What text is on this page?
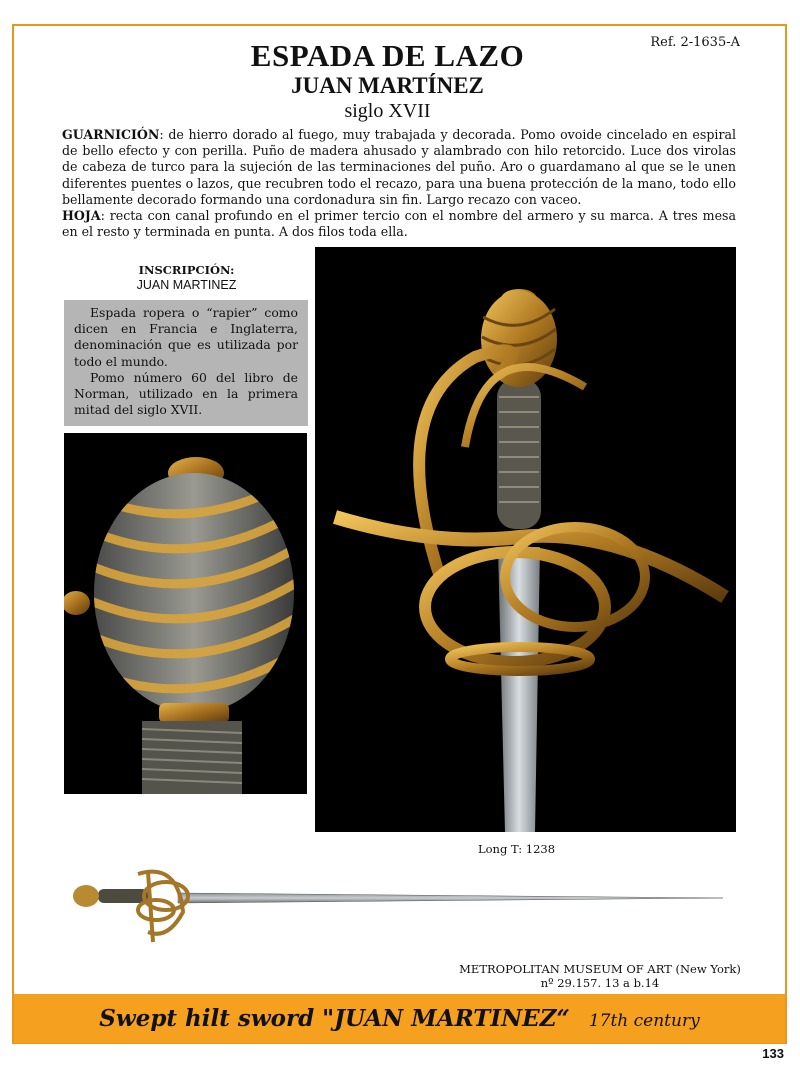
Ref. 2-1635-A
ESPADA DE LAZO
JUAN MARTÍNEZ
siglo XVII

GUARNICIÓN: de hierro dorado al fuego, muy trabajada y decorada. Pomo ovoide cincelado en espiral de bello efecto y con perilla. Puño de madera ahusado y alambrado con hilo retorcido. Luce dos virolas de cabeza de turco para la sujeción de las terminaciones del puño. Aro o guardamano al que se le unen diferentes puentes o lazos, que recubren todo el recazo, para una buena protección de la mano, todo ello bellamente decorado formando una cordonadura sin fin. Largo recazo con vaceo.

HOJA: recta con canal profundo en el primer tercio con el nombre del armero y su marca. A tres mesa en el resto y terminada en punta. A dos filos toda ella.

INSCRIPCIÓN:
JUAN MARTINEZ

Espada ropera o “rapier” como dicen en Francia e Inglaterra, denominación que es utilizada por todo el mundo.

Pomo número 60 del libro de Norman, utilizado en la primera mitad del siglo XVII.

Long T: 1238
METROPOLITAN MUSEUM OF ART (New York)
nº 29.157. 13 a b.14
Swept hilt sword "JUAN MARTINEZ“ 17th century
133
